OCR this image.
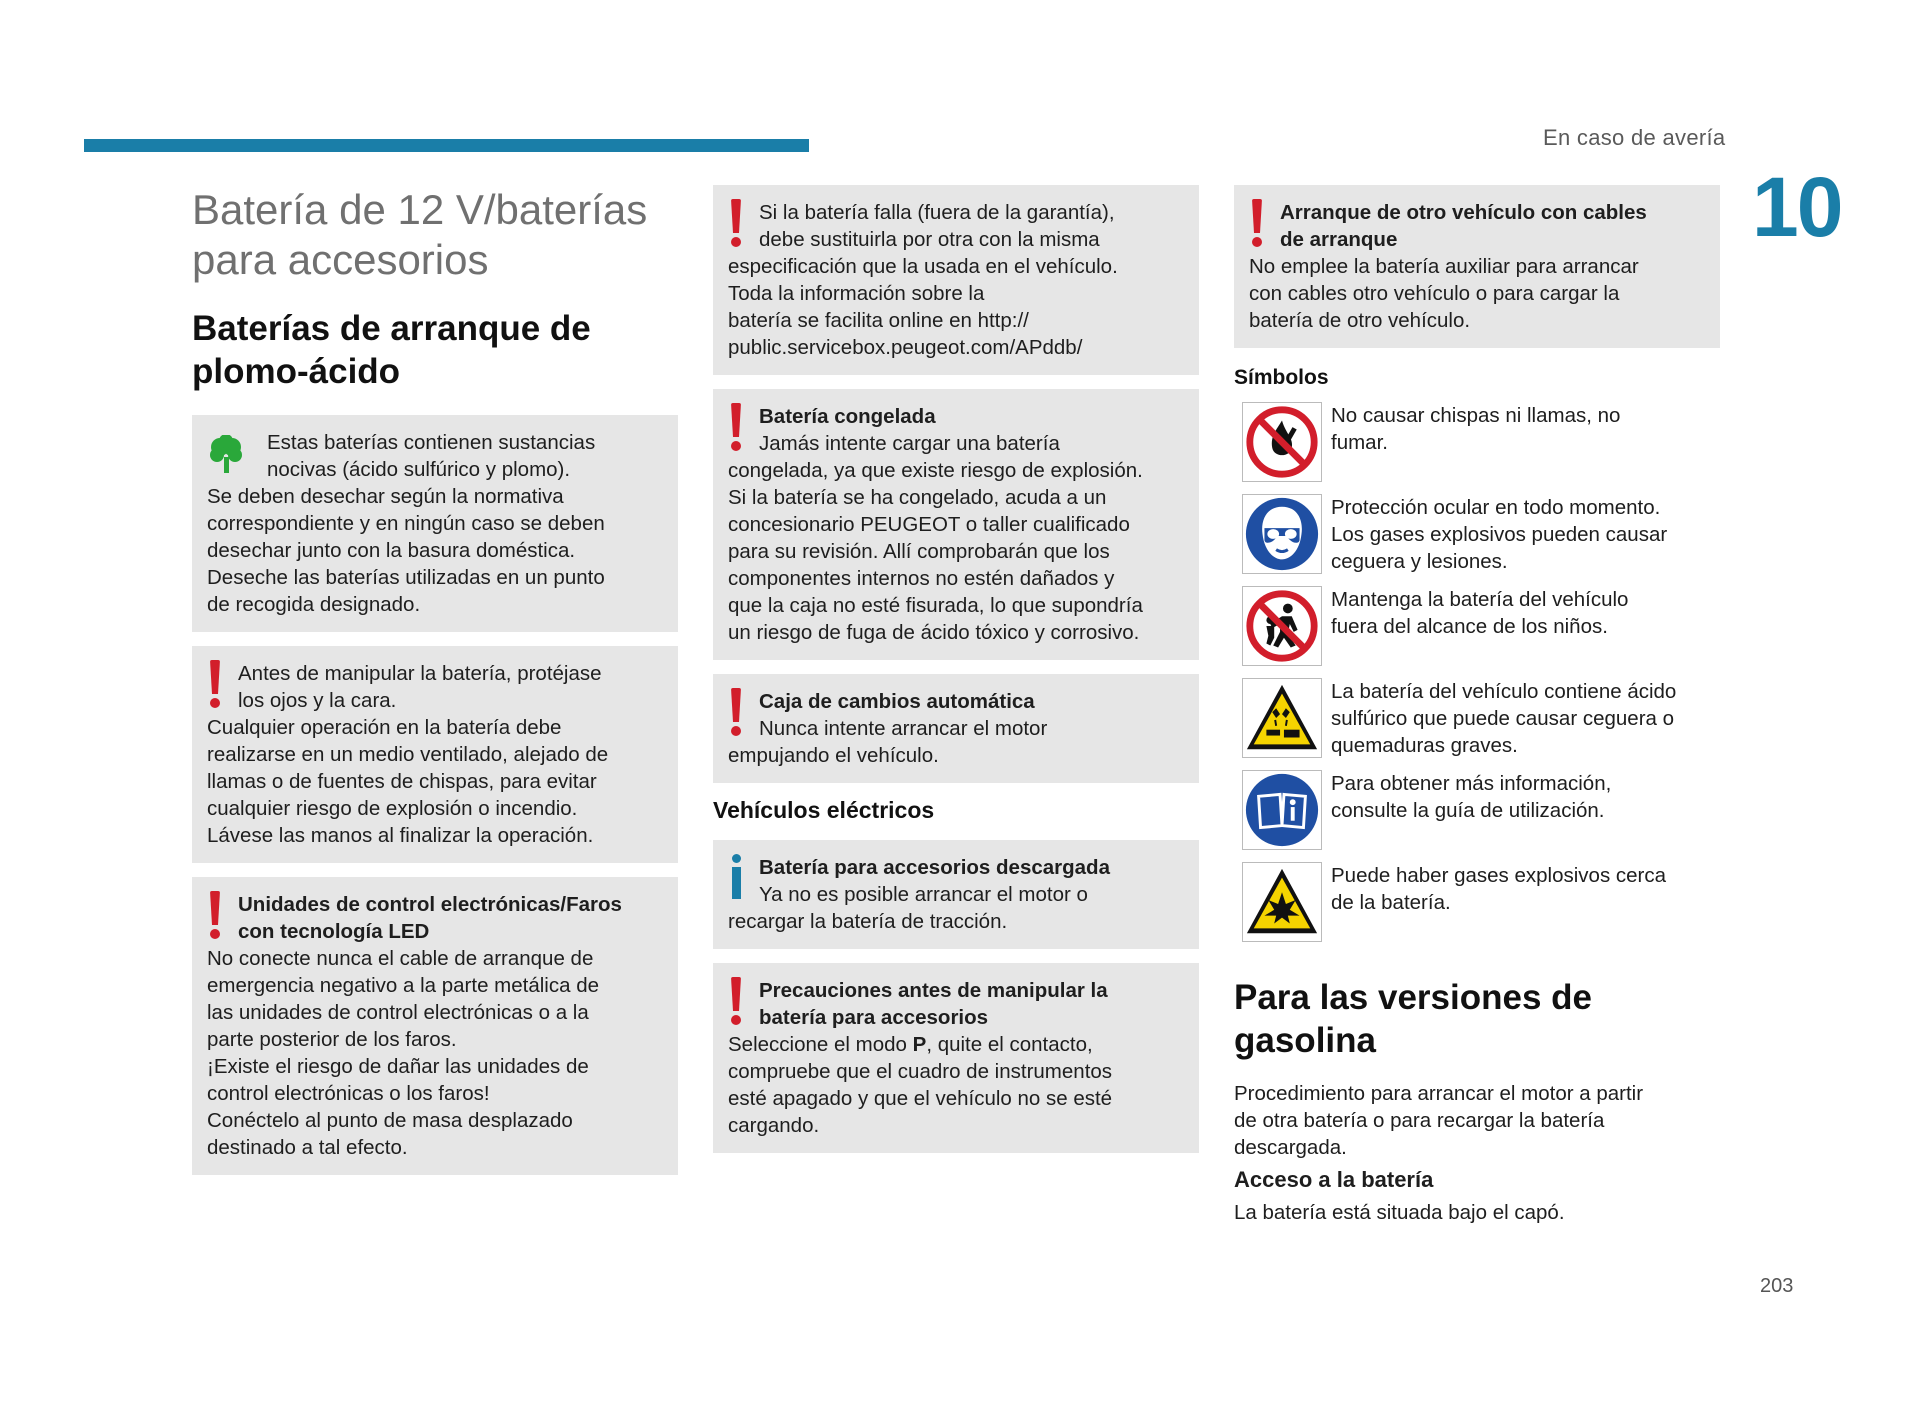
En caso de avería
10
203
Batería de 12 V/baterías
para accesorios
Baterías de arranque de
plomo-ácido
Estas baterías contienen sustancias
nocivas (ácido sulfúrico y plomo).
Se deben desechar según la normativa
correspondiente y en ningún caso se deben
desechar junto con la basura doméstica.
Deseche las baterías utilizadas en un punto
de recogida designado.
Antes de manipular la batería, protéjase
los ojos y la cara.
Cualquier operación en la batería debe
realizarse en un medio ventilado, alejado de
llamas o de fuentes de chispas, para evitar
cualquier riesgo de explosión o incendio.
Lávese las manos al finalizar la operación.
Unidades de control electrónicas/Faros
con tecnología LED
No conecte nunca el cable de arranque de
emergencia negativo a la parte metálica de
las unidades de control electrónicas o a la
parte posterior de los faros.
¡Existe el riesgo de dañar las unidades de
control electrónicas o los faros!
Conéctelo al punto de masa desplazado
destinado a tal efecto.
Si la batería falla (fuera de la garantía),
debe sustituirla por otra con la misma
especificación que la usada en el vehículo.
Toda la información sobre la
batería se facilita online en http://
public.servicebox.peugeot.com/APddb/
Batería congelada
Jamás intente cargar una batería
congelada, ya que existe riesgo de explosión.
Si la batería se ha congelado, acuda a un
concesionario PEUGEOT o taller cualificado
para su revisión. Allí comprobarán que los
componentes internos no estén dañados y
que la caja no esté fisurada, lo que supondría
un riesgo de fuga de ácido tóxico y corrosivo.
Caja de cambios automática
Nunca intente arrancar el motor
empujando el vehículo.
Vehículos eléctricos
Batería para accesorios descargada
Ya no es posible arrancar el motor o
recargar la batería de tracción.
Precauciones antes de manipular la
batería para accesorios
Seleccione el modo P, quite el contacto,
compruebe que el cuadro de instrumentos
esté apagado y que el vehículo no se esté
cargando.
Arranque de otro vehículo con cables
de arranque
No emplee la batería auxiliar para arrancar
con cables otro vehículo o para cargar la
batería de otro vehículo.
Símbolos
No causar chispas ni llamas, no
fumar.
Protección ocular en todo momento.
Los gases explosivos pueden causar
ceguera y lesiones.
Mantenga la batería del vehículo
fuera del alcance de los niños.
La batería del vehículo contiene ácido
sulfúrico que puede causar ceguera o
quemaduras graves.
Para obtener más información,
consulte la guía de utilización.
Puede haber gases explosivos cerca
de la batería.
Para las versiones de
gasolina
Procedimiento para arrancar el motor a partir
de otra batería o para recargar la batería
descargada.
Acceso a la batería
La batería está situada bajo el capó.
